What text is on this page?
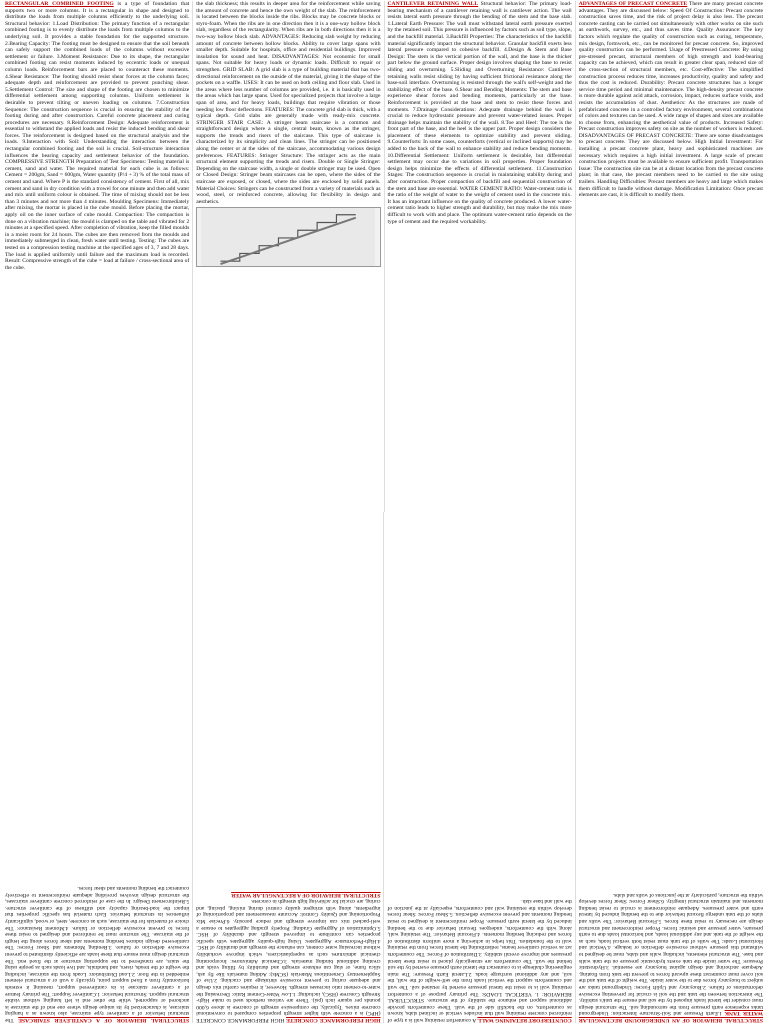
RECTANGULAR COMBINED FOOTING is a type of foundation that supports two or more columns. It is a rectangular in shape and designed to distribute the loads from multiple columns efficiently to the underlying soil. Structural behavior: 1.Load Distribution: The primary function of a rectangular combined footing is to evenly distribute the loads from multiple columns to the underlying soil. It provides a stable foundation for the supported structure. 2.Bearing Capacity: The footing must be designed to ensure that the soil beneath can safely support the combined loads of the columns without excessive settlement or failure. 3.Moment Resistance: Due to its shape, the rectangular combined footing can resist moments induced by eccentric loads or unequal column loads. Reinforcement bars are placed to counteract these moments. 4.Shear Resistance: The footing should resist shear forces at the column faces; adequate depth and reinforcement are provided to prevent punching shear. 5.Settlement Control: The size and shape of the footing are chosen to minimize differential settlement among supporting columns. Uniform settlement is desirable to prevent tilting or uneven loading on columns. 7.Construction Sequence: The construction sequence is crucial in ensuring the stability of the footing during and after construction. Careful concrete placement and curing procedures are necessary. 8.Reinforcement Design: Adequate reinforcement is essential to withstand the applied loads and resist the induced bending and shear forces. The reinforcement is designed based on the structural analysis and the loads. 9.Interaction with Soil: Understanding the interaction between the rectangular combined footing and the soil is crucial. Soil-structure interaction influences the bearing capacity and settlement behavior of the foundation. COMPRESSIVE STRENGTH Preparation of Test Specimens: Testing material is cement, sand and water. The required material for each cube is as follows: Cement = 200gm, Sand = 600gm, Water quantity (P/4 + 3) % of the total mass of cement and sand. Where P is the standard consistency of cement. First of all, mix cement and sand in dry condition with a trowel for one minute and then add water and mix until uniform colour is obtained. The time of mixing should not be less than 3 minutes and not more than 4 minutes. Moulding Specimens: Immediately after mixing, the mortar is placed in the cube mould. Before placing the mortar, apply oil on the inner surface of cube mould. Compaction: The compaction is done on a vibration machine; the mould is clamped on the table and vibrated for 2 minutes at a specified speed. After completion of vibration, keep the filled moulds in a moist room for 24 hours. The cubes are then removed from the moulds and immediately submerged in clean, fresh water until testing. Testing: The cubes are tested on a compression testing machine at the specified ages of 3, 7 and 28 days. The load is applied uniformly until failure and the maximum load is recorded. Result: Compressive strength of the cube = load at failure / cross-sectional area of the cube.
the slab thickness; this results in deeper area for the reinforcement while saving the amount of concrete and hence the own weight of the slab. The reinforcement is located between the blocks inside the ribs. Blocks may be concrete blocks or styro-foam. When the ribs are in one direction then it is a one-way hollow block slab, regardless of the rectangularity. When ribs are in both directions then it is a two-way hollow block slab. ADVANTAGES: Reducing slab weight by reducing amount of concrete between hollow blocks. Ability to cover large spans with smaller depth. Suitable for hospitals, office and residential buildings. Improved insulation for sound and heat. DISADVANTAGES: Not economic for small spans. Not suitable for heavy loads or dynamic loads. Difficult to repair or strengthen. GRID SLAB: A grid slab is a type of building material that has two-directional reinforcement on the outside of the material, giving it the shape of the pockets on a waffle. USES: It can be used on both ceiling and floor slab. Used in the areas where less number of columns are provided, i.e. it is basically used in the areas which has large spans. Used for specialized projects that involve a large span of area, and for heavy loads, buildings that require vibration or those needing low floor deflections. FEATURES: The concrete grid slab is thick, with a typical depth. Grid slabs are generally made with ready-mix concrete. STRINGER STAIR CASE: A stringer beam staircase is a common and straightforward design where a single, central beam, known as the stringer, supports the treads and risers of the staircase. This type of staircase is characterized by its simplicity and clean lines. The stringer can be positioned along the center or at the sides of the staircase, accommodating various design preferences. FEATURES: Stringer Structure: The stringer acts as the main structural element supporting the treads and risers. Double or Single Stringer: Depending on the staircase width, a single or double stringer may be used. Open or Closed Design: Stringer beam staircases can be open, where the sides of the staircase are exposed, or closed, where the sides are enclosed by solid panels. Material Choices: Stringers can be constructed from a variety of materials such as wood, steel, or reinforced concrete, allowing for flexibility in design and aesthetics.
CANTILEVER RETAINING WALL Structural behavior: The primary load-bearing mechanism of a cantilever retaining wall is cantilever action. The wall resists lateral earth pressure through the bending of the stem and the base slab. 1.Lateral Earth Pressure: The wall must withstand lateral earth pressure exerted by the retained soil. This pressure is influenced by factors such as soil type, slope, and the backfill material. 3.Backfill Properties: The characteristics of the backfill material significantly impact the structural behavior. Granular backfill exerts less lateral pressure compared to cohesive backfill. 4.Design & Stem and Base Design: The stem is the vertical portion of the wall, and the base is the thicker part below the ground surface. Proper design involves shaping the base to resist sliding and overturning. 5.Sliding and Overturning Resistance: Cantilever retaining walls resist sliding by having sufficient frictional resistance along the base-soil interface. Overturning is resisted through the wall's self-weight and the stabilizing effect of the base. 6.Shear and Bending Moments: The stem and base experience shear forces and bending moments, particularly at the base. Reinforcement is provided at the base and stem to resist these forces and moments. 7.Drainage Considerations: Adequate drainage behind the wall is crucial to reduce hydrostatic pressure and prevent water-related issues. Proper drainage helps maintain the stability of the wall. 8.Toe and Heel: The toe is the front part of the base, and the heel is the upper part. Proper design considers the placement of these elements to optimize stability and prevent sliding. 9.Counterforts: In some cases, counterforts (vertical or inclined supports) may be added to the back of the wall to enhance stability and reduce bending moments. 10.Differential Settlement: Uniform settlement is desirable, but differential settlement may occur due to variations in soil properties. Proper foundation design helps minimize the effects of differential settlement. 11.Construction Stages: The construction sequence is crucial in maintaining stability during and after construction. Proper compaction of backfill and sequential construction of the stem and base are essential. WATER CEMENT RATIO: Water-cement ratio is the ratio of the weight of water to the weight of cement used in the concrete mix. It has an important influence on the quality of concrete produced. A lower water-cement ratio leads to higher strength and durability, but may make the mix more difficult to work with and place. The optimum water-cement ratio depends on the type of cement and the required workability.
ADVANTAGES OF PRECAST CONCRETE There are many precast concrete advantages. They are discussed below: Speed Of Construction: Precast concrete construction saves time, and the risk of project delay is also less. The precast concrete casting can be carried out simultaneously with other works on site such as earthwork, survey, etc., and thus saves time. Quality Assurance: The key factors which regulate the quality of construction such as curing, temperature, mix design, formwork, etc., can be monitored for precast concrete. So, improved quality construction can be performed. Usage of Prestressed Concrete: By using pre-stressed precast, structural members of high strength and load-bearing capacity can be achieved, which can result in greater clear span, reduced size of the cross-section of structural members, etc. Cost-effective: The simplified construction process reduces time, increases productivity, quality and safety and thus the cost is reduced. Durability: Precast concrete structures has a longer service time period and minimal maintenance. The high-density precast concrete is more durable against acid attack, corrosion, impact, reduces surface voids, and resists the accumulation of dust. Aesthetics: As the structures are made of prefabricated concrete in a controlled factory environment, several combinations of colors and textures can be used. A wide range of shapes and sizes are available to choose from, enhancing the aesthetical value of products. Increased Safety: Precast construction improves safety on site as the number of workers is reduced. DISADVANTAGES OF PRECAST CONCRETE: There are some disadvantages to precast concrete. They are discussed below. High Initial Investment: For installing a precast concrete plant, heavy and sophisticated machines are necessary which requires a high initial investment. A large scale of precast construction projects must be available to ensure sufficient profit. Transportation Issue: The construction site can be at a distant location from the precast concrete plant; in that case, the precast members need to be carried to the site using trailers. Handling Difficulties: Precast members are heavy and large which makes them difficult to handle without damage. Modification Limitation: Once precast elements are cast, it is difficult to modify them.
STRUCTURAL BEHAVIOR OF AN UNDERGROUND RECTANGULAR WATER TANK 1.Earth Pressure and Soil-Structure Interaction: Underground tanks experience earth pressure from the surrounding soil. The structural design must consider the lateral loads imposed by the soil and ensure the tank's stability. The interaction between the tank and the soil is crucial for preventing excessive deformations or failure. 2.Buoyancy and Uplift Forces: Underground tanks are subject to buoyancy forces due to the water inside. The weight of the tank and the soil cover must counteract these upward forces to prevent the tank from floating. Adequate anchoring and design against buoyancy are essential. 3.Hydrostatic Pressure: The water inside the tank exerts hydrostatic pressure on the tank walls and base. The structural elements, including walls and slabs, must be designed to withstand this pressure without excessive deflection or leakage. 4.Vertical and Horizontal Loads: The walls of the tank must resist both vertical loads, such as the weight of the tank and any additional loads, and horizontal loads due to earth pressure, water pressure and seismic forces. Proper reinforcement and structural design are necessary to resist these forces. 5.Flexural Behavior: The walls and slabs of the tank undergo flexural behavior due to the bending induced by lateral earth and water pressures. Adequate reinforcement is crucial to resist bending moments and maintain structural integrity. 6.Shear Forces: Shear forces develop within the structure, particularly at the junctions of walls and slabs.
COUNTERFORT RETAINING WALL A counterfort retaining wall is a type of reinforced concrete retaining wall that includes vertical or inclined slabs, known as counterforts, on the backfill side of the wall. These counterforts provide additional support and enhance the stability of the structure. STRUCTURAL BEHAVIOR: 1. VERTICAL LOADS: The primary purpose of a counterfort retaining wall is to resist the lateral pressure exerted by retained soil. The wall and counterforts support the vertical loads from the self-weight of the wall, the soil, and any additional surcharge loads. 2.Lateral Earth Pressure: The main engineering challenge is to counteract the lateral earth pressure exerted by the soil behind the wall. The counterforts are strategically placed to resist these lateral pressures and improve overall stability. 3.Distribution of Forces: The counterforts act as vertical cantilever beams, redistributing the lateral forces from the retaining wall to the foundation. This helps in achieving a more uniform distribution of forces and reducing bending moments. 4.Flexural Behavior: The retaining wall, along with the counterforts, undergoes flexural behavior due to the bending induced by the lateral earth pressure. Proper reinforcement is designed to resist bending moments and prevent excessive deflection. 5.Shear Forces: Shear forces develop within the retaining wall and counterforts, especially at the junction of the wall and base slab.
HIGH PERFORMANCE CONCRETE HIGH PERFORMANCE CONCRETE (HPC) is a concrete with higher strength properties compared to conventional concrete mixes. Typically, the compressive strength of concrete is above 6,000 pounds per square inch (psi). There are various methods used to make High-Strength Concrete (HSC), including: 1.Low Water-Cement Ratio: Decreasing the water-to-cement ratio increases strength. However, it requires careful mix design and adequate curing to prevent excessive shrinkage and cracking. 2.Use of Supplementary Cementitious Materials (SCMs): Adding materials like fly ash, silica fume, or slag can enhance strength and durability by filling voids and creating additional binding materials. 3.Chemical Admixtures: Incorporating chemical admixtures such as superplasticizers, which improve workability without increasing water content, can enhance the strength and durability of HSC. 4.High-Performance Aggregates: Using high-quality aggregates with specific properties can contribute to improved strength and durability of HSC. 5.Optimization of Aggregate Grading: Properly grading aggregates to ensure a well-packed mix can improve strength and reduce porosity. 6.Precise Mix Proportioning and Quality Control: Accurate measurement and proportioning of ingredients, along with stringent quality control during mixing, placing, and curing, are crucial for achieving high strength in concrete.
STRUCTURAL BEHAVIOR OF A RECTANGULAR WATER
STRUCTURAL BEHAVIOR OF A CANTILEVER STAIRCASE The structural behavior of a cantilever type staircase, also known as a hanging staircase, is characterized by its unique design where one end of the staircase is anchored or supported, while the other end is left hanging without visible structural support. Structural behavior: 1.Cantilever Support: The primary feature of a cantilever staircase is its cantilevered support, meaning it extends horizontally from a fixed support point, typically a wall or a structural element embedded in the floor. 2.Load Distribution: Loads from the staircase, including the weight of the treads, risers, and handrails, and live loads such as people using the stairs, are transferred to the supporting structure at the fixed end. The structural design must ensure that these loads are efficiently distributed to prevent excessive deflection or failure. 3.Bending Moments and Shear Forces: The cantilevered design induces bending moments and shear forces along the length of the staircase. The structure must be reinforced and designed to resist these forces to prevent excessive deflection or failure. 4.Moment Resistance: The choice of materials for the staircase, such as concrete, steel, or wood, significantly influences its structural behavior. Each material has specific properties that impact the load-bearing capacity and stiffness of the cantilever structure. 5.Reinforcement Design: In the case of reinforced concrete cantilever staircases, the structural design involves providing adequate reinforcement to effectively counteract the bending moments and shear forces.
